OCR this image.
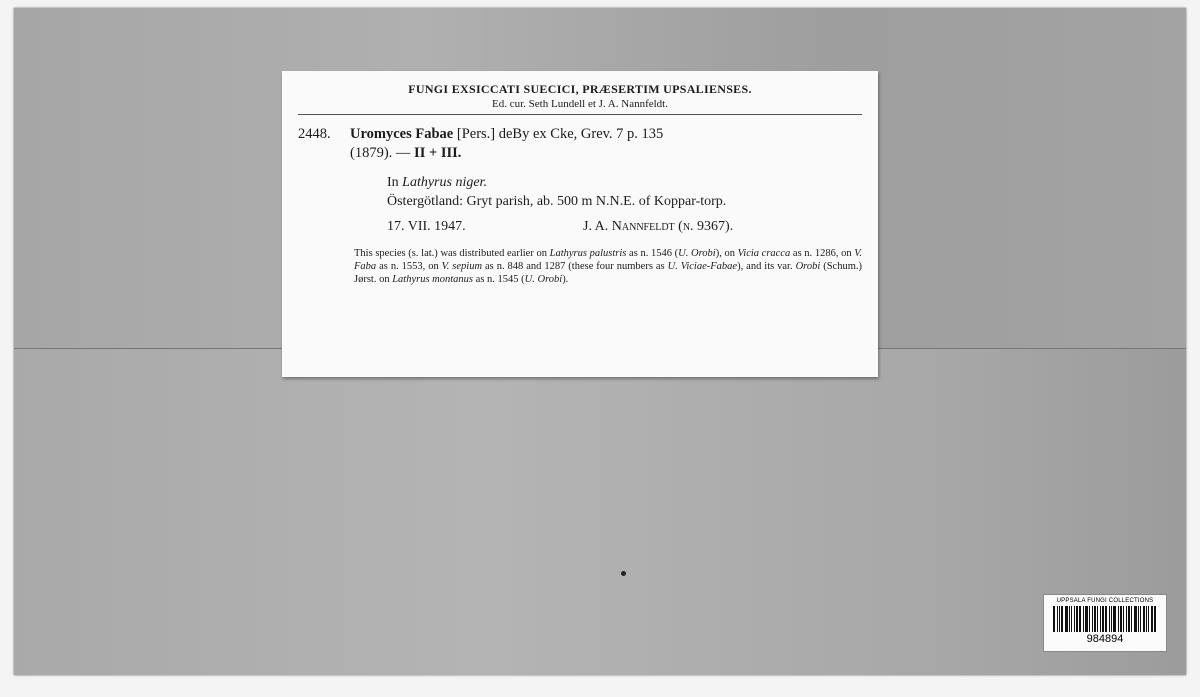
FUNGI EXSICCATI SUECICI, PRÆSERTIM UPSALIENSES.
Ed. cur. Seth Lundell et J. A. Nannfeldt.
2448.	Uromyces Fabae [Pers.] deBy ex Cke, Grev. 7 p. 135
(1879). — II + III.
In Lathyrus niger.
Östergötland: Gryt parish, ab. 500 m N.N.E. of Koppar-torp.
17. VII. 1947.	J. A. Nannfeldt (n. 9367).
This species (s. lat.) was distributed earlier on Lathyrus palustris as n. 1546 (U. Orobi), on Vicia cracca as n. 1286, on V. Faba as n. 1553, on V. sepium as n. 848 and 1287 (these four numbers as U. Viciae-Fabae), and its var. Orobi (Schum.) Jørst. on Lathyrus montanus as n. 1545 (U. Orobi).
UPPSALA FUNGI COLLECTIONS
984894
